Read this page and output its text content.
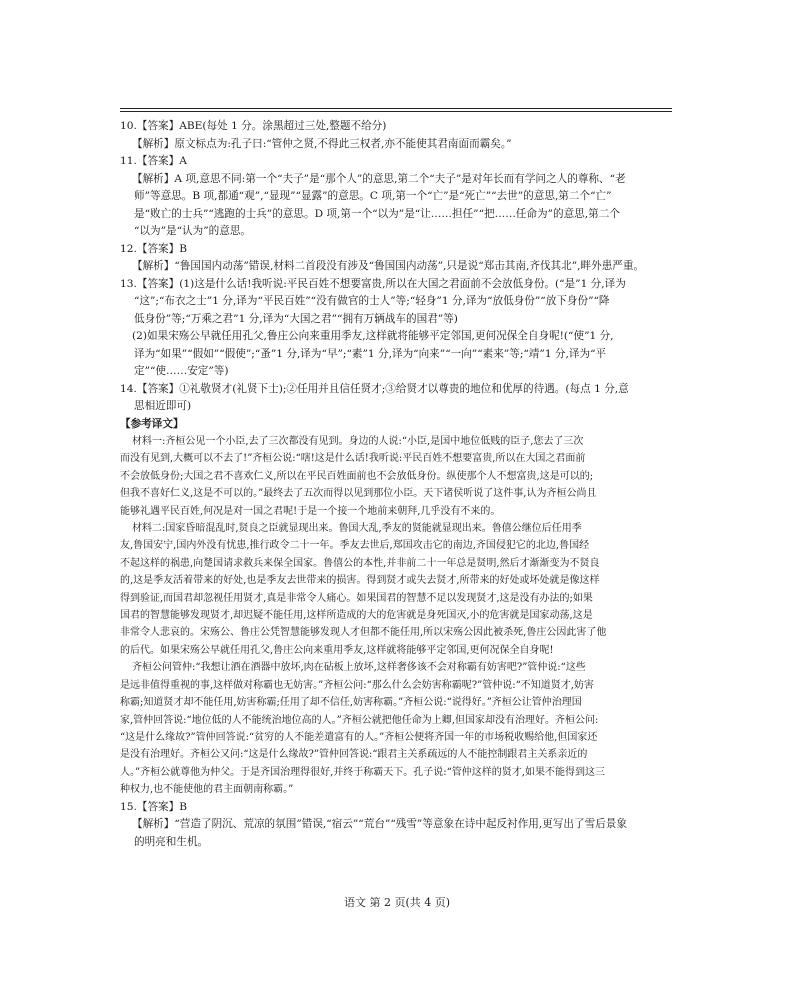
10.【答案】ABE(每处 1 分。涂黑超过三处,整题不给分)
【解析】原文标点为:孔子曰:“管仲之贤,不得此三权者,亦不能使其君南面而霸矣。”
11.【答案】A
【解析】A 项,意思不同:第一个“夫子”是“那个人”的意思,第二个“夫子”是对年长而有学问之人的尊称、“老
师”等意思。B 项,都通“观”,“显现”“显露”的意思。C 项,第一个“亡”是“死亡”“去世”的意思,第二个“亡”
是“败亡的士兵”“逃跑的士兵”的意思。D 项,第一个“以为”是“让……担任”“把……任命为”的意思,第二个
“以为”是“认为”的意思。
12.【答案】B
【解析】“鲁国国内动荡”错误,材料二首段没有涉及“鲁国国内动荡”,只是说“郑击其南,齐伐其北”,畔外患严重。
13.【答案】(1)这是什么话!我听说:平民百姓不想要富贵,所以在大国之君面前不会放低身份。(“是”1 分,译为
“这”;“布衣之士”1 分,译为“平民百姓”“没有做官的士人”等;“轻身”1 分,译为“放低身份”“放下身份”“降
低身份”等;“万乘之君”1 分,译为“大国之君”“拥有万辆战车的国君”等)
(2)如果宋殇公早就任用孔父,鲁庄公向来重用季友,这样就将能够平定邻国,更何况保全自身呢!(“使”1 分,
译为“如果”“假如”“假使”;“蚤”1 分,译为“早”;“素”1 分,译为“向来”“一向”“素来”等;“靖”1 分,译为“平
定”“使……安定”等)
14.【答案】①礼敬贤才(礼贤下士);②任用并且信任贤才;③给贤才以尊贵的地位和优厚的待遇。(每点 1 分,意
思相近即可)
【参考译文】
材料一:齐桓公见一个小臣,去了三次都没有见到。身边的人说:“小臣,是国中地位低贱的臣子,您去了三次
而没有见到,大概可以不去了!”齐桓公说:“嗐!这是什么话!我听说:平民百姓不想要富贵,所以在大国之君面前
不会放低身份;大国之君不喜欢仁义,所以在平民百姓面前也不会放低身份。纵使那个人不想富贵,这是可以的;
但我不喜好仁义,这是不可以的。”最终去了五次而得以见到那位小臣。天下诸侯听说了这件事,认为齐桓公尚且
能够礼遇平民百姓,何况是对一国之君呢!于是一个接一个地前来朝拜,几乎没有不来的。
材料二:国家昏暗混乱时,贤良之臣就显现出来。鲁国大乱,季友的贤能就显现出来。鲁僖公继位后任用季
友,鲁国安宁,国内外没有忧患,推行政令二十一年。季友去世后,郑国攻击它的南边,齐国侵犯它的北边,鲁国经
不起这样的祸患,向楚国请求救兵来保全国家。鲁僖公的本性,并非前二十一年总是贤明,然后才渐渐变为不贤良
的,这是季友活着带来的好处,也是季友去世带来的损害。得到贤才或失去贤才,所带来的好处或坏处就是像这样
得到验证,而国君却忽视任用贤才,真是非常令人痛心。如果国君的智慧不足以发现贤才,这是没有办法的;如果
国君的智慧能够发现贤才,却迟疑不能任用,这样所造成的大的危害就是身死国灭,小的危害就是国家动荡,这是
非常令人悲哀的。宋殇公、鲁庄公凭智慧能够发现人才但都不能任用,所以宋殇公因此被杀死,鲁庄公因此害了他
的后代。如果宋殇公早就任用孔父,鲁庄公向来重用季友,这样就将能够平定邻国,更何况保全自身呢!
齐桓公问管仲:“我想让酒在酒器中放坏,肉在砧板上放坏,这样奢侈该不会对称霸有妨害吧?”管仲说:“这些
是远非值得重视的事,这样做对称霸也无妨害。”齐桓公问:“那么什么会妨害称霸呢?”管仲说:“不知道贤才,妨害
称霸;知道贤才却不能任用,妨害称霸;任用了却不信任,妨害称霸。”齐桓公说:“说得好。”齐桓公让管仲治理国
家,管仲回答说:“地位低的人不能统治地位高的人。”齐桓公就把他任命为上卿,但国家却没有治理好。齐桓公问:
“这是什么缘故?”管仲回答说:“贫穷的人不能差遣富有的人。”齐桓公便将齐国一年的市场税收赐给他,但国家还
是没有治理好。齐桓公又问:“这是什么缘故?”管仲回答说:“跟君主关系疏远的人不能控制跟君主关系亲近的
人。”齐桓公就尊他为仲父。于是齐国治理得很好,并终于称霸天下。孔子说:“管仲这样的贤才,如果不能得到这三
种权力,也不能使他的君主面朝南称霸。”
15.【答案】B
【解析】“营造了阴沉、荒凉的氛围”错误,“宿云”“荒台”“残雪”等意象在诗中起反衬作用,更写出了雪后景象
的明亮和生机。
语文 第 2 页(共 4 页)
